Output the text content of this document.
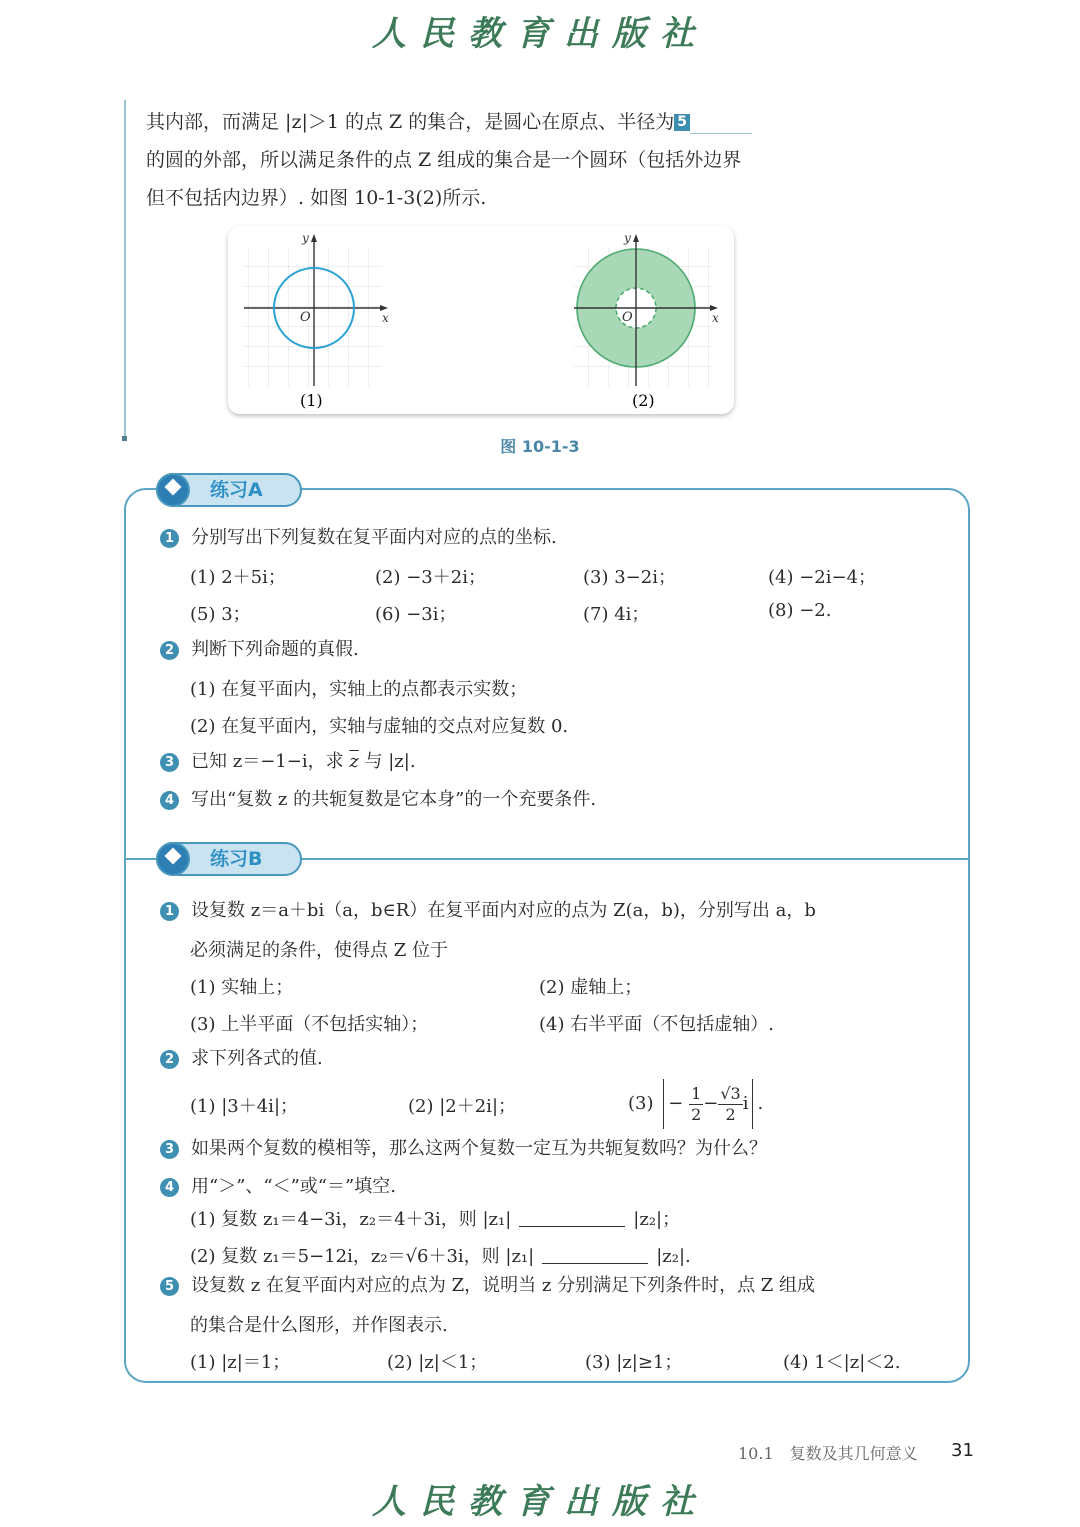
人民教育出版社
其内部，而满足 |z|＞1 的点 Z 的集合，是圆心在原点、半径为 5
的圆的外部，所以满足条件的点 Z 组成的集合是一个圆环（包括外边界
但不包括内边界）. 如图 10-1-3(2)所示.
O	x
y
(1)
O	x
y
(2)
图 10-1-3
练习A
1 分别写出下列复数在复平面内对应的点的坐标.
(1) 2＋5i；	(2) −3＋2i；	(3) 3−2i；	(4) −2i−4；
(5) 3；	(6) −3i；	(7) 4i；	(8) −2.
2 判断下列命题的真假.
(1) 在复平面内，实轴上的点都表示实数；
(2) 在复平面内，实轴与虚轴的交点对应复数 0.
3 已知 z＝−1−i，求 $\overline{z}$ 与 |z|.
4 写出“复数 z 的共轭复数是它本身”的一个充要条件.
练习B
1 设复数 z＝a＋bi（a，b∈R）在复平面内对应的点为 Z(a，b)，分别写出 a，b
必须满足的条件，使得点 Z 位于
(1) 实轴上；	(2) 虚轴上；
(3) 上半平面（不包括实轴）；	(4) 右半平面（不包括虚轴）.
2 求下列各式的值.
(1) |3＋4i|；	(2) |2＋2i|；	$(3) - \frac{1}{2} - \frac{√3}{2}$ i .
3 如果两个复数的模相等，那么这两个复数一定互为共轭复数吗？为什么？
4 用“＞”、“＜”或“＝”填空.
(1) 复数 z₁＝4−3i，z₂＝4＋3i，则 |z₁|	|z₂|；
(2) 复数 z₁＝5−12i，z₂＝√6＋3i，则 |z₁|	|z₂|.
5 设复数 z 在复平面内对应的点为 Z，说明当 z 分别满足下列条件时，点 Z 组成
的集合是什么图形，并作图表示.
(1) |z|＝1；	(2) |z|＜1；	(3) |z|≥1；	(4) 1＜|z|＜2.
10.1　复数及其几何意义 31
人民教育出版社
